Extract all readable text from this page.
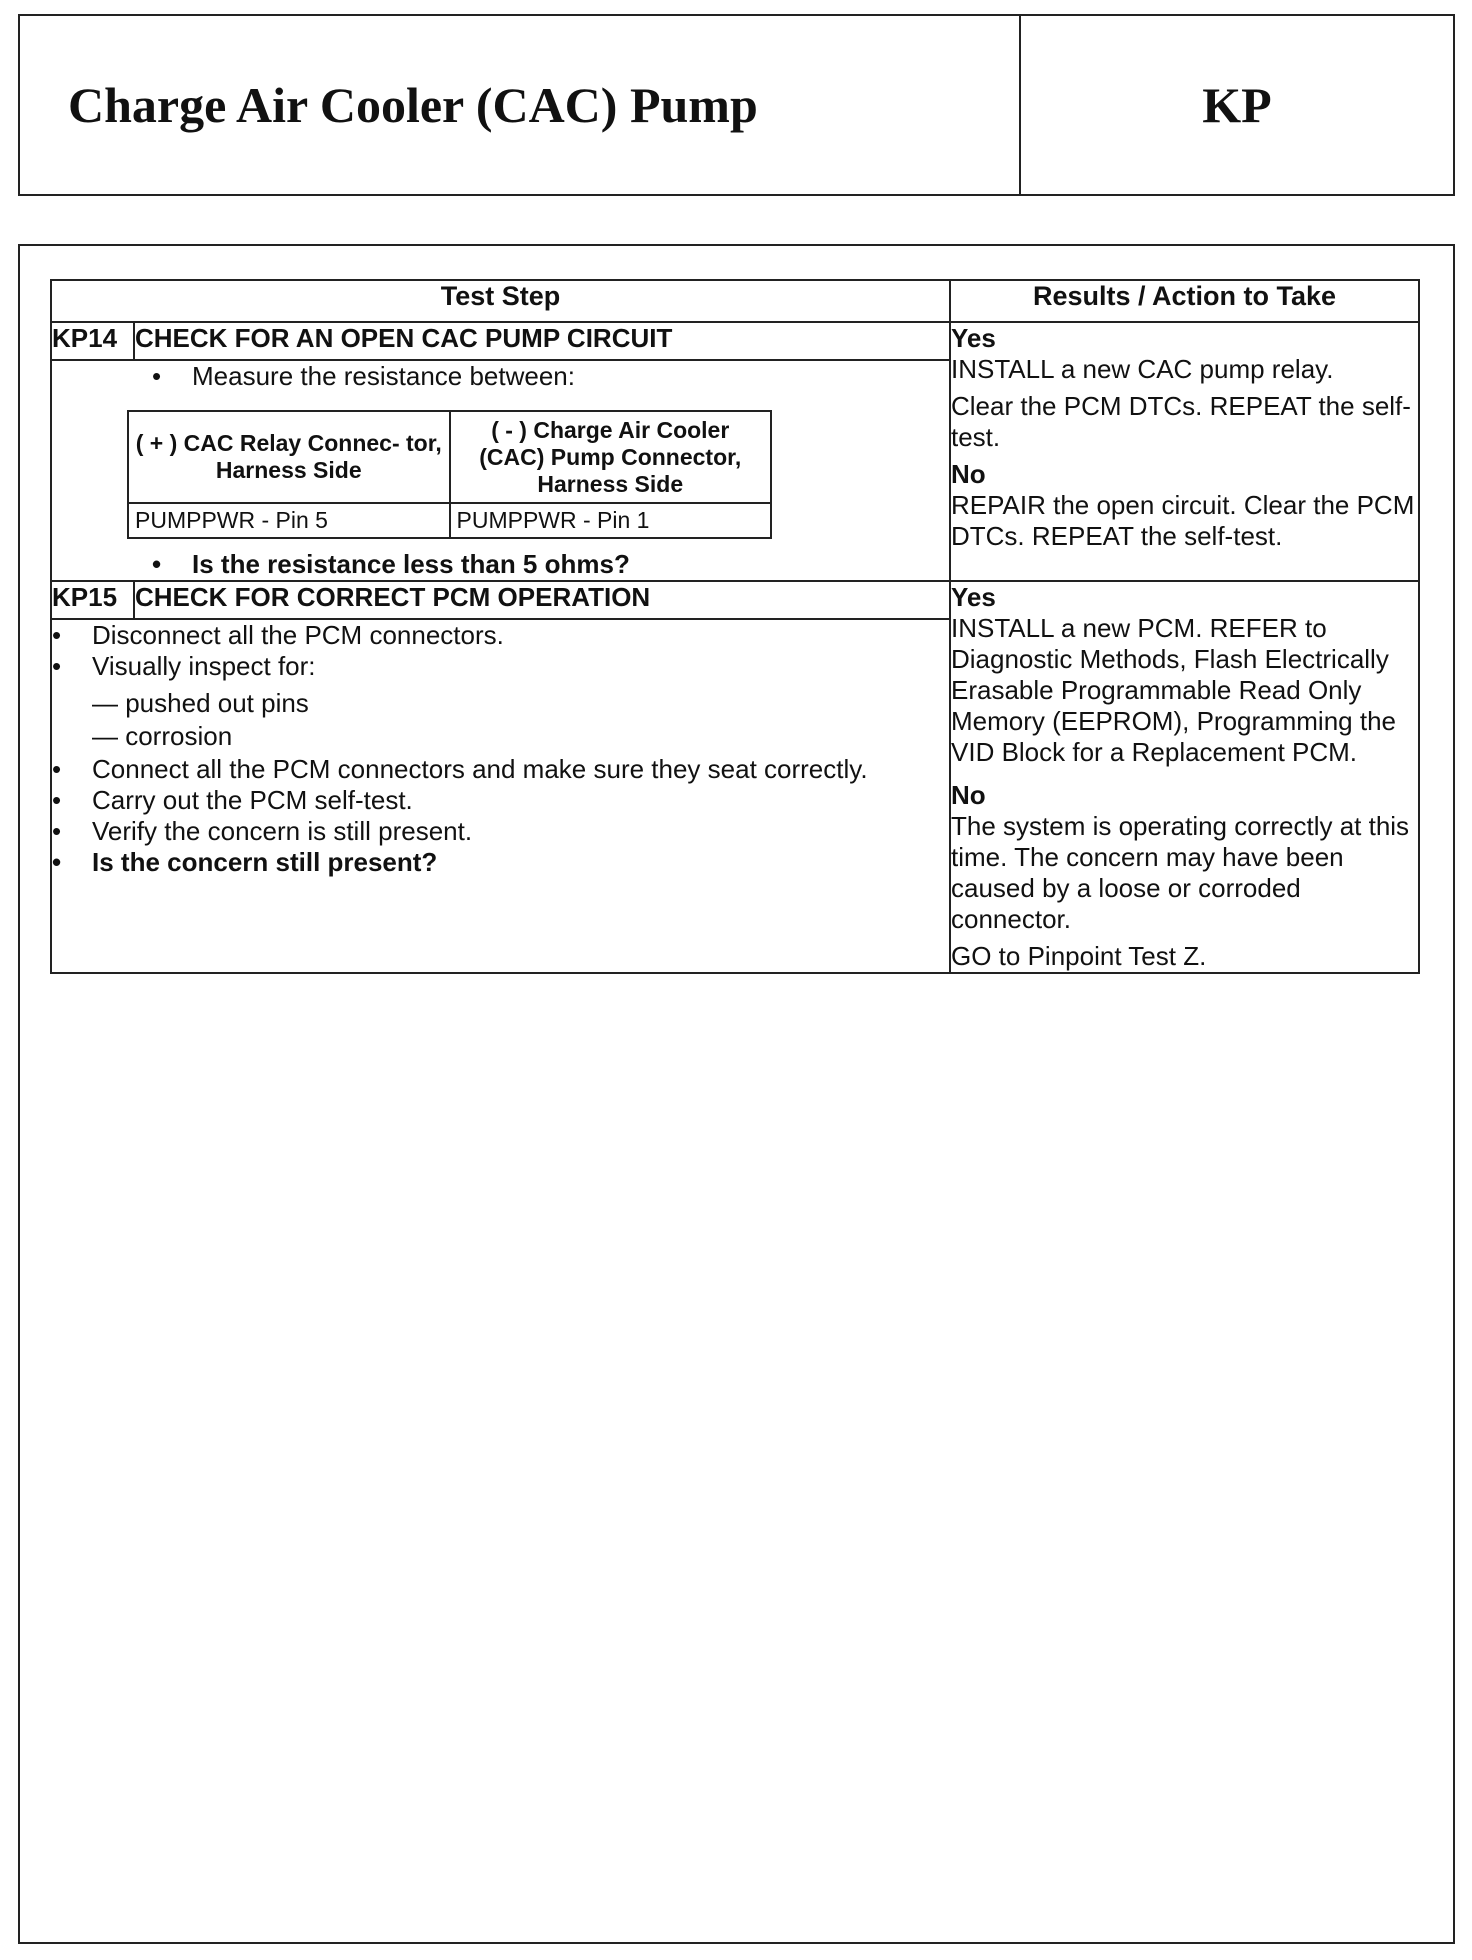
Charge Air Cooler (CAC) Pump	KP
Test Step	Results / Action to Take
KP14	CHECK FOR AN OPEN CAC PUMP CIRCUIT	Yes
INSTALL a new CAC pump relay.
Clear the PCM DTCs. REPEAT the self-test.
No
REPAIR the open circuit. Clear the PCM DTCs. REPEAT the self-test.

• Measure the resistance between:
( + ) CAC Relay Connec- tor, Harness Side	( - ) Charge Air Cooler (CAC) Pump Connector, Harness Side
PUMPPWR - Pin 5	PUMPPWR - Pin 1
• Is the resistance less than 5 ohms?

KP15	CHECK FOR CORRECT PCM OPERATION	Yes
INSTALL a new PCM. REFER to Diagnostic Methods, Flash Electrically Erasable Programmable Read Only Memory (EEPROM), Programming the VID Block for a Replacement PCM.
No
The system is operating correctly at this time. The concern may have been caused by a loose or corroded connector.
GO to Pinpoint Test Z.

• Disconnect all the PCM connectors.
• Visually inspect for:
— pushed out pins
— corrosion
• Connect all the PCM connectors and make sure they seat correctly.
• Carry out the PCM self-test.
• Verify the concern is still present.
• Is the concern still present?
